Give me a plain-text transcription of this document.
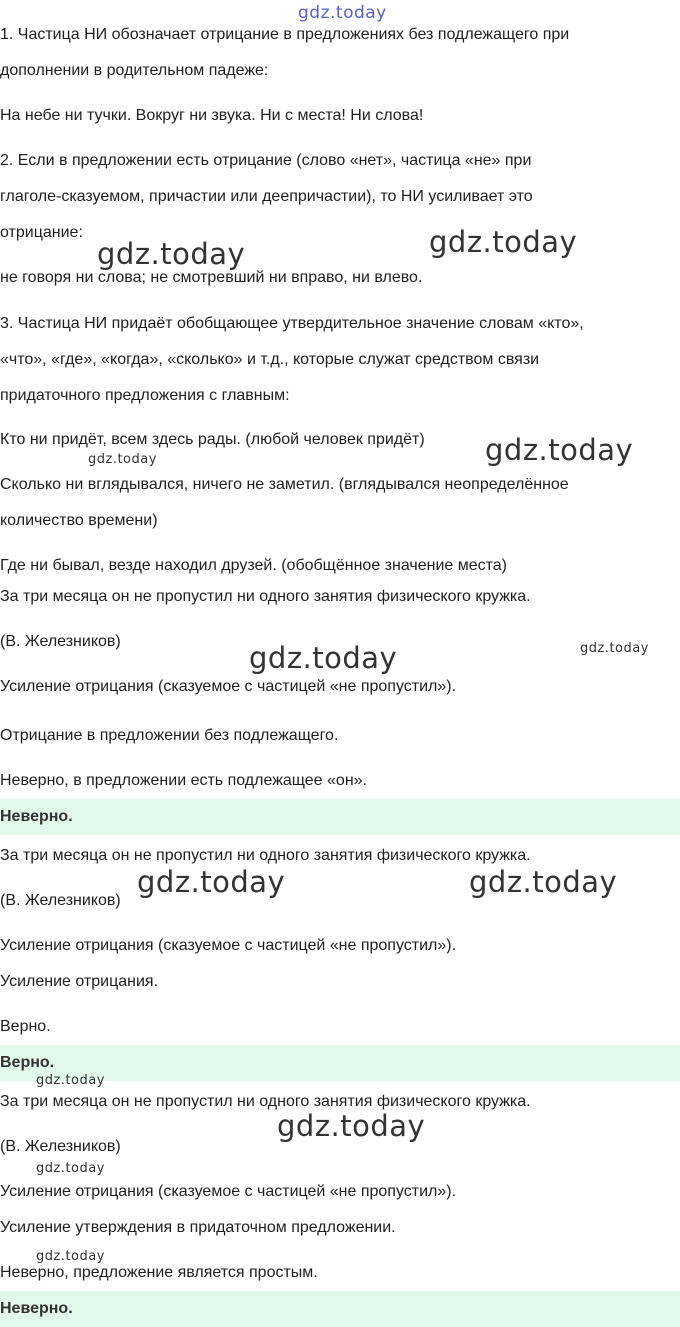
gdz.today
1. Частица НИ обозначает отрицание в предложениях без подлежащего при
дополнении в родительном падеже:
На небе ни тучки. Вокруг ни звука. Ни с места! Ни слова!
2. Если в предложении есть отрицание (слово «нет», частица «не» при
глаголе-сказуемом, причастии или деепричастии), то НИ усиливает это
отрицание:
не говоря ни слова; не смотревший ни вправо, ни влево.
3. Частица НИ придаёт обобщающее утвердительное значение словам «кто»,
«что», «где», «когда», «сколько» и т.д., которые служат средством связи
придаточного предложения с главным:
Кто ни придёт, всем здесь рады. (любой человек придёт)
Сколько ни вглядывался, ничего не заметил. (вглядывался неопределённое
количество времени)
Где ни бывал, везде находил друзей. (обобщённое значение места)
За три месяца он не пропустил ни одного занятия физического кружка.
(В. Железников)
Усиление отрицания (сказуемое с частицей «не пропустил»).
Отрицание в предложении без подлежащего.
Неверно, в предложении есть подлежащее «он».
Неверно.
За три месяца он не пропустил ни одного занятия физического кружка.
(В. Железников)
Усиление отрицания (сказуемое с частицей «не пропустил»).
Усиление отрицания.
Верно.
Верно.
За три месяца он не пропустил ни одного занятия физического кружка.
(В. Железников)
Усиление отрицания (сказуемое с частицей «не пропустил»).
Усиление утверждения в придаточном предложении.
Неверно, предложение является простым.
Неверно.
gdz.today	gdz.today
gdz.today
gdz.today
gdz.today	gdz.today
gdz.today	gdz.today
gdz.today
gdz.today
gdz.today
gdz.today
